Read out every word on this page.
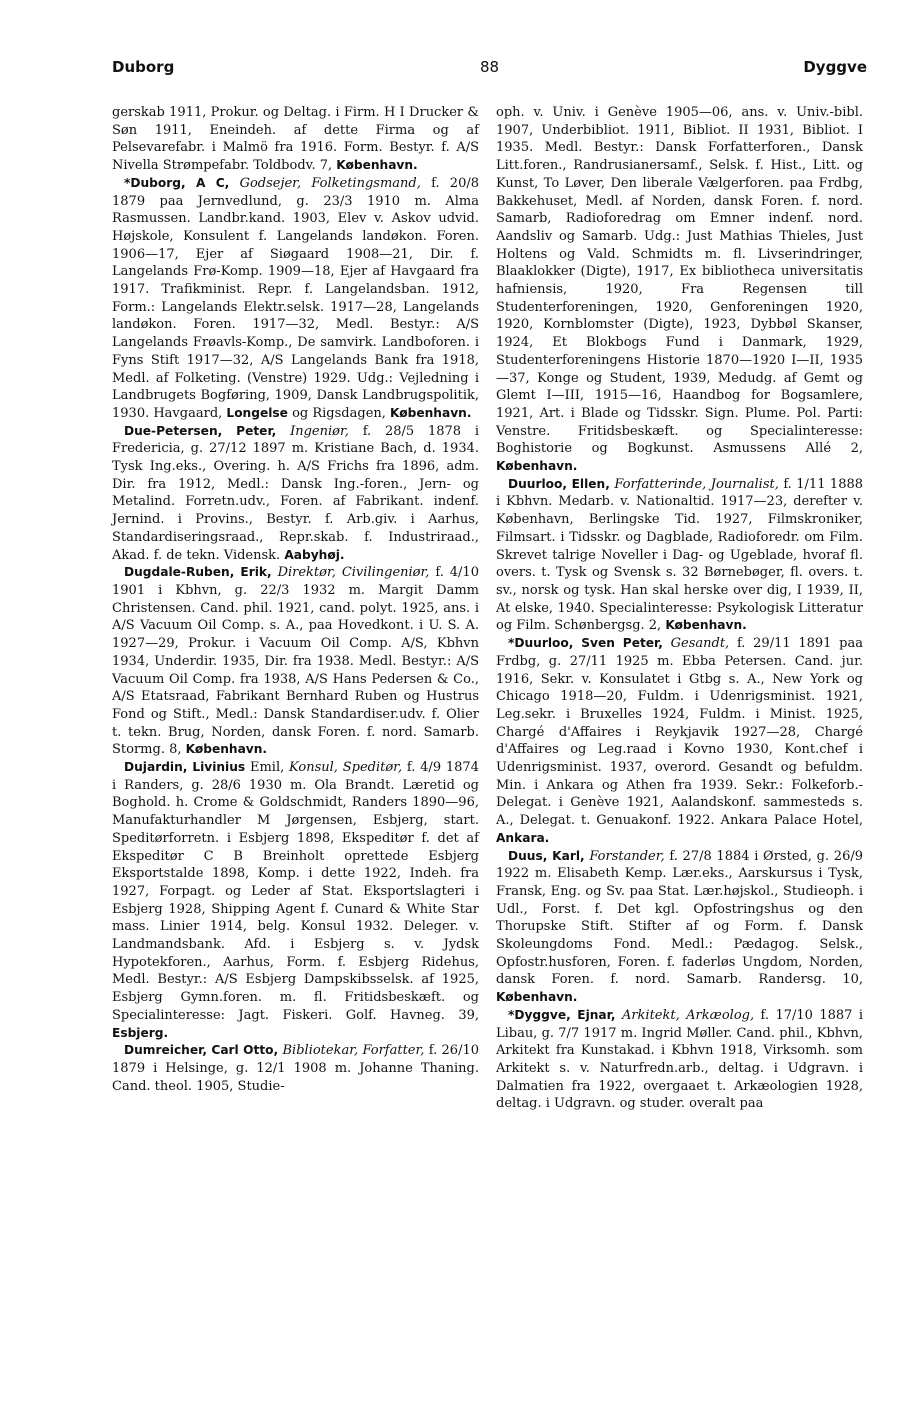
Duborg	88	Dyggve

gerskab 1911, Prokur. og Deltag. i Firm. H I Drucker & Søn 1911, Eneindeh. af dette Firma og af Pelsevarefabr. i Malmö fra 1916. Form. Bestyr. f. A/S Nivella Strømpefabr. Toldbodv. 7, København.

*Duborg, A C, Godsejer, Folketingsmand, f. 20/8 1879 paa Jernvedlund, g. 23/3 1910 m. Alma Rasmussen. Landbr.kand. 1903, Elev v. Askov udvid. Højskole, Konsulent f. Langelands landøkon. Foren. 1906—17, Ejer af Siøgaard 1908—21, Dir. f. Langelands Frø-Komp. 1909—18, Ejer af Havgaard fra 1917. Trafikminist. Repr. f. Langelandsban. 1912, Form.: Langelands Elektr.selsk. 1917—28, Langelands landøkon. Foren. 1917—32, Medl. Bestyr.: A/S Langelands Frøavls-Komp., De samvirk. Landboforen. i Fyns Stift 1917—32, A/S Langelands Bank fra 1918, Medl. af Folketing. (Venstre) 1929. Udg.: Vejledning i Landbrugets Bogføring, 1909, Dansk Landbrugspolitik, 1930. Havgaard, Longelse og Rigsdagen, København.

Due-Petersen, Peter, Ingeniør, f. 28/5 1878 i Fredericia, g. 27/12 1897 m. Kristiane Bach, d. 1934. Tysk Ing.eks., Overing. h. A/S Frichs fra 1896, adm. Dir. fra 1912, Medl.: Dansk Ing.-foren., Jern- og Metalind. Forretn.udv., Foren. af Fabrikant. indenf. Jernind. i Provins., Bestyr. f. Arb.giv. i Aarhus, Standardiseringsraad., Repr.skab. f. Industriraad., Akad. f. de tekn. Vidensk. Aabyhøj.

Dugdale-Ruben, Erik, Direktør, Civilingeniør, f. 4/10 1901 i Kbhvn, g. 22/3 1932 m. Margit Damm Christensen. Cand. phil. 1921, cand. polyt. 1925, ans. i A/S Vacuum Oil Comp. s. A., paa Hovedkont. i U. S. A. 1927—29, Prokur. i Vacuum Oil Comp. A/S, Kbhvn 1934, Underdir. 1935, Dir. fra 1938. Medl. Bestyr.: A/S Vacuum Oil Comp. fra 1938, A/S Hans Pedersen & Co., A/S Etatsraad, Fabrikant Bernhard Ruben og Hustrus Fond og Stift., Medl.: Dansk Standardiser.udv. f. Olier t. tekn. Brug, Norden, dansk Foren. f. nord. Samarb. Stormg. 8, København.

Dujardin, Livinius Emil, Konsul, Speditør, f. 4/9 1874 i Randers, g. 28/6 1930 m. Ola Brandt. Læretid og Boghold. h. Crome & Goldschmidt, Randers 1890—96, Manufakturhandler M Jørgensen, Esbjerg, start. Speditørforretn. i Esbjerg 1898, Ekspeditør f. det af Ekspeditør C B Breinholt oprettede Esbjerg Eksportstalde 1898, Komp. i dette 1922, Indeh. fra 1927, Forpagt. og Leder af Stat. Eksportslagteri i Esbjerg 1928, Shipping Agent f. Cunard & White Star mass. Linier 1914, belg. Konsul 1932. Deleger. v. Landmandsbank. Afd. i Esbjerg s. v. Jydsk Hypotekforen., Aarhus, Form. f. Esbjerg Ridehus, Medl. Bestyr.: A/S Esbjerg Dampskibsselsk. af 1925, Esbjerg Gymn.foren. m. fl. Fritidsbeskæft. og Specialinteresse: Jagt. Fiskeri. Golf. Havneg. 39, Esbjerg.

Dumreicher, Carl Otto, Bibliotekar, Forfatter, f. 26/10 1879 i Helsinge, g. 12/1 1908 m. Johanne Thaning. Cand. theol. 1905, Studie-

oph. v. Univ. i Genève 1905—06, ans. v. Univ.-bibl. 1907, Underbibliot. 1911, Bibliot. II 1931, Bibliot. I 1935. Medl. Bestyr.: Dansk Forfatterforen., Dansk Litt.foren., Randrusianersamf., Selsk. f. Hist., Litt. og Kunst, To Løver, Den liberale Vælgerforen. paa Frdbg, Bakkehuset, Medl. af Norden, dansk Foren. f. nord. Samarb, Radioforedrag om Emner indenf. nord. Aandsliv og Samarb. Udg.: Just Mathias Thieles, Just Holtens og Vald. Schmidts m. fl. Livserindringer, Blaaklokker (Digte), 1917, Ex bibliotheca universitatis hafniensis, 1920, Fra Regensen till Studenterforeningen, 1920, Genforeningen 1920, 1920, Kornblomster (Digte), 1923, Dybbøl Skanser, 1924, Et Blokbogs Fund i Danmark, 1929, Studenterforeningens Historie 1870—1920 I—II, 1935—37, Konge og Student, 1939, Medudg. af Gemt og Glemt I—III, 1915—16, Haandbog for Bogsamlere, 1921, Art. i Blade og Tidsskr. Sign. Plume. Pol. Parti: Venstre. Fritidsbeskæft. og Specialinteresse: Boghistorie og Bogkunst. Asmussens Allé 2, København.

Duurloo, Ellen, Forfatterinde, Journalist, f. 1/11 1888 i Kbhvn. Medarb. v. Nationaltid. 1917—23, derefter v. København, Berlingske Tid. 1927, Filmskroniker, Filmsart. i Tidsskr. og Dagblade, Radioforedr. om Film. Skrevet talrige Noveller i Dag- og Ugeblade, hvoraf fl. overs. t. Tysk og Svensk s. 32 Børnebøger, fl. overs. t. sv., norsk og tysk. Han skal herske over dig, I 1939, II, At elske, 1940. Specialinteresse: Psykologisk Litteratur og Film. Schønbergsg. 2, København.

*Duurloo, Sven Peter, Gesandt, f. 29/11 1891 paa Frdbg, g. 27/11 1925 m. Ebba Petersen. Cand. jur. 1916, Sekr. v. Konsulatet i Gtbg s. A., New York og Chicago 1918—20, Fuldm. i Udenrigsminist. 1921, Leg.sekr. i Bruxelles 1924, Fuldm. i Minist. 1925, Chargé d'Affaires i Reykjavik 1927—28, Chargé d'Affaires og Leg.raad i Kovno 1930, Kont.chef i Udenrigsminist. 1937, overord. Gesandt og befuldm. Min. i Ankara og Athen fra 1939. Sekr.: Folkeforb.-Delegat. i Genève 1921, Aalandskonf. sammesteds s. A., Delegat. t. Genuakonf. 1922. Ankara Palace Hotel, Ankara.

Duus, Karl, Forstander, f. 27/8 1884 i Ørsted, g. 26/9 1922 m. Elisabeth Kemp. Lær.eks., Aarskursus i Tysk, Fransk, Eng. og Sv. paa Stat. Lær.højskol., Studieoph. i Udl., Forst. f. Det kgl. Opfostringshus og den Thorupske Stift. Stifter af og Form. f. Dansk Skoleungdoms Fond. Medl.: Pædagog. Selsk., Opfostr.husforen, Foren. f. faderløs Ungdom, Norden, dansk Foren. f. nord. Samarb. Randersg. 10, København.

*Dyggve, Ejnar, Arkitekt, Arkæolog, f. 17/10 1887 i Libau, g. 7/7 1917 m. Ingrid Møller. Cand. phil., Kbhvn, Arkitekt fra Kunstakad. i Kbhvn 1918, Virksomh. som Arkitekt s. v. Naturfredn.arb., deltag. i Udgravn. i Dalmatien fra 1922, overgaaet t. Arkæologien 1928, deltag. i Udgravn. og studer. overalt paa
